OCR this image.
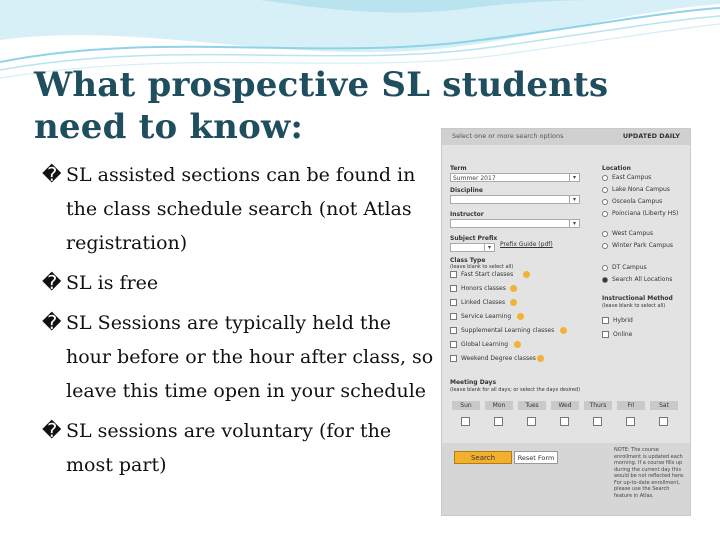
What prospective SL students need to know:
� SL assisted sections can be found in the class schedule search (not Atlas registration)
� SL is free
� SL Sessions are typically held the hour before or the hour after class, so leave this time open in your schedule
� SL sessions are voluntary (for the most part)
Select one or more search options	UPDATED DAILY
Term
Summer 2017	▾
Discipline
▾
Instructor
▾
Subject Prefix
▾	Prefix Guide (pdf)
Class Type
(leave blank to select all)
Meeting Days
(leave blank for all days; or select the days desired)
Location
Instructional Method
(leave blank to select all)
Search	Reset Form
NOTE: The course enrollment is updated each morning. If a course fills up during the current day this would be not reflected here. For up-to-date enrollment, please use the Search feature in Atlas.
Fast Start classes
Honors classes
Linked Classes
Service Learning
Supplemental Learning classes
Global Learning
Weekend Degree classes
East Campus
Lake Nona Campus
Osceola Campus
Poinciana (Liberty HS)
West Campus
Winter Park Campus
DT Campus
Search All Locations
Hybrid
Online
Sun	Mon	Tues	Wed	Thurs	Fri	Sat
